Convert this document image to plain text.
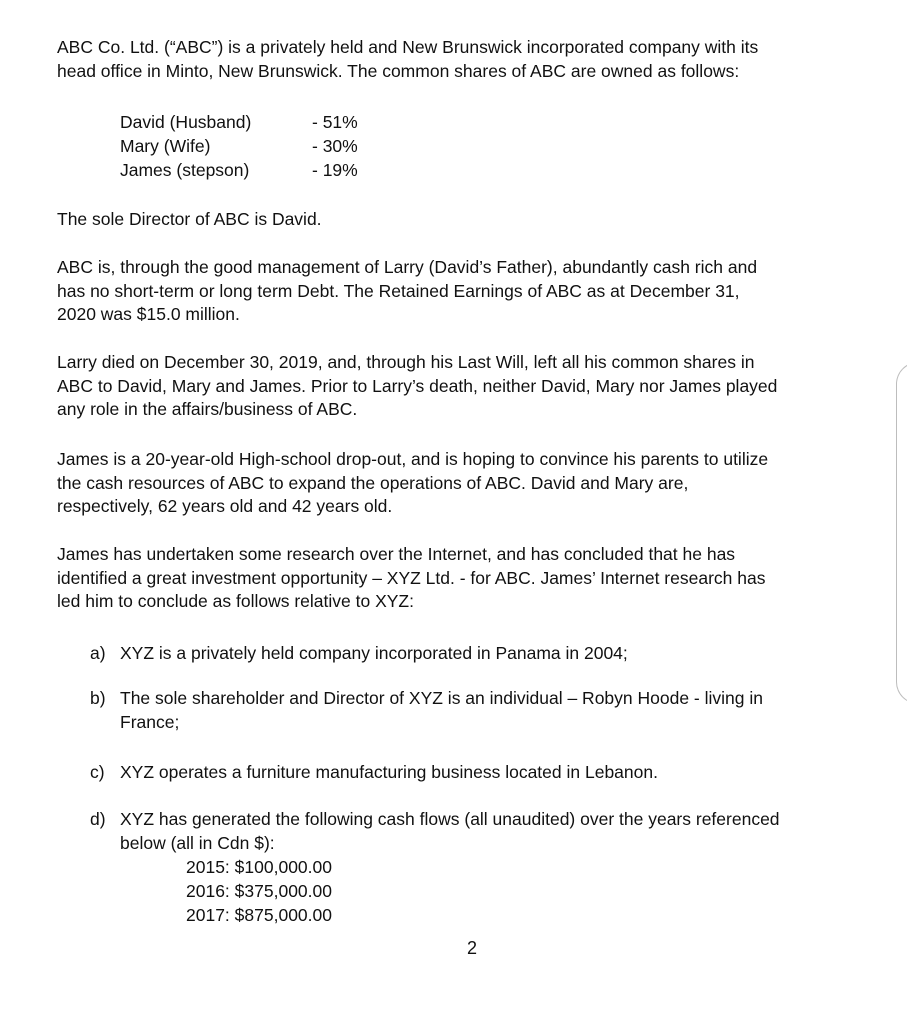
ABC Co. Ltd. (“ABC”) is a privately held and New Brunswick incorporated company with its
head office in Minto, New Brunswick. The common shares of ABC are owned as follows:
David (Husband)	- 51%
Mary (Wife)	- 30%
James (stepson)	- 19%
The sole Director of ABC is David.
ABC is, through the good management of Larry (David’s Father), abundantly cash rich and
has no short-term or long term Debt. The Retained Earnings of ABC as at December 31,
2020 was $15.0 million.
Larry died on December 30, 2019, and, through his Last Will, left all his common shares in
ABC to David, Mary and James. Prior to Larry’s death, neither David, Mary nor James played
any role in the affairs/business of ABC.
James is a 20-year-old High-school drop-out, and is hoping to convince his parents to utilize
the cash resources of ABC to expand the operations of ABC. David and Mary are,
respectively, 62 years old and 42 years old.
James has undertaken some research over the Internet, and has concluded that he has
identified a great investment opportunity – XYZ Ltd. - for ABC. James’ Internet research has
led him to conclude as follows relative to XYZ:
a) XYZ is a privately held company incorporated in Panama in 2004;
b) The sole shareholder and Director of XYZ is an individual – Robyn Hoode - living in
France;
c) XYZ operates a furniture manufacturing business located in Lebanon.
d) XYZ has generated the following cash flows (all unaudited) over the years referenced
below (all in Cdn $):
2015: $100,000.00
2016: $375,000.00
2017: $875,000.00
2
